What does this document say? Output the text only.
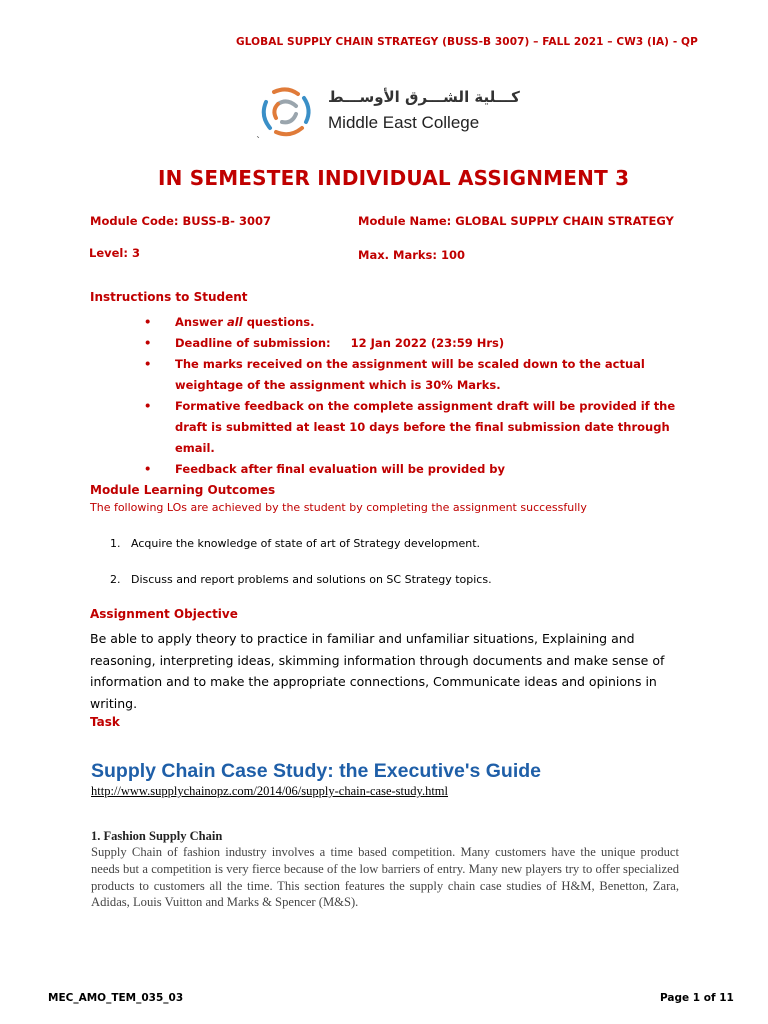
GLOBAL SUPPLY CHAIN STRATEGY (BUSS-B 3007) – FALL 2021 – CW3 (IA) - QP
كـــلية الشـــرق الأوســـط
Middle East College
`
IN SEMESTER INDIVIDUAL ASSIGNMENT 3
Module Code: BUSS-B- 3007	Module Name: GLOBAL SUPPLY CHAIN STRATEGY
Level: 3	Max. Marks: 100
Instructions to Student
• Answer all questions.
• Deadline of submission:     12 Jan 2022 (23:59 Hrs)
• The marks received on the assignment will be scaled down to the actual weightage of the assignment which is 30% Marks.
• Formative feedback on the complete assignment draft will be provided if the draft is submitted at least 10 days before the final submission date through email.
• Feedback after final evaluation will be provided by
Module Learning Outcomes
The following LOs are achieved by the student by completing the assignment successfully
1.   Acquire the knowledge of state of art of Strategy development.
2.   Discuss and report problems and solutions on SC Strategy topics.
Assignment Objective
Be able to apply theory to practice in familiar and unfamiliar situations, Explaining and reasoning, interpreting ideas, skimming information through documents and make sense of information and to make the appropriate connections, Communicate ideas and opinions in writing.
Task
Supply Chain Case Study: the Executive's Guide
http://www.supplychainopz.com/2014/06/supply-chain-case-study.html
1. Fashion Supply Chain
Supply Chain of fashion industry involves a time based competition. Many customers have the unique product needs but a competition is very fierce because of the low barriers of entry. Many new players try to offer specialized products to customers all the time. This section features the supply chain case studies of H&M, Benetton, Zara, Adidas, Louis Vuitton and Marks & Spencer (M&S).
MEC_AMO_TEM_035_03	Page 1 of 11
